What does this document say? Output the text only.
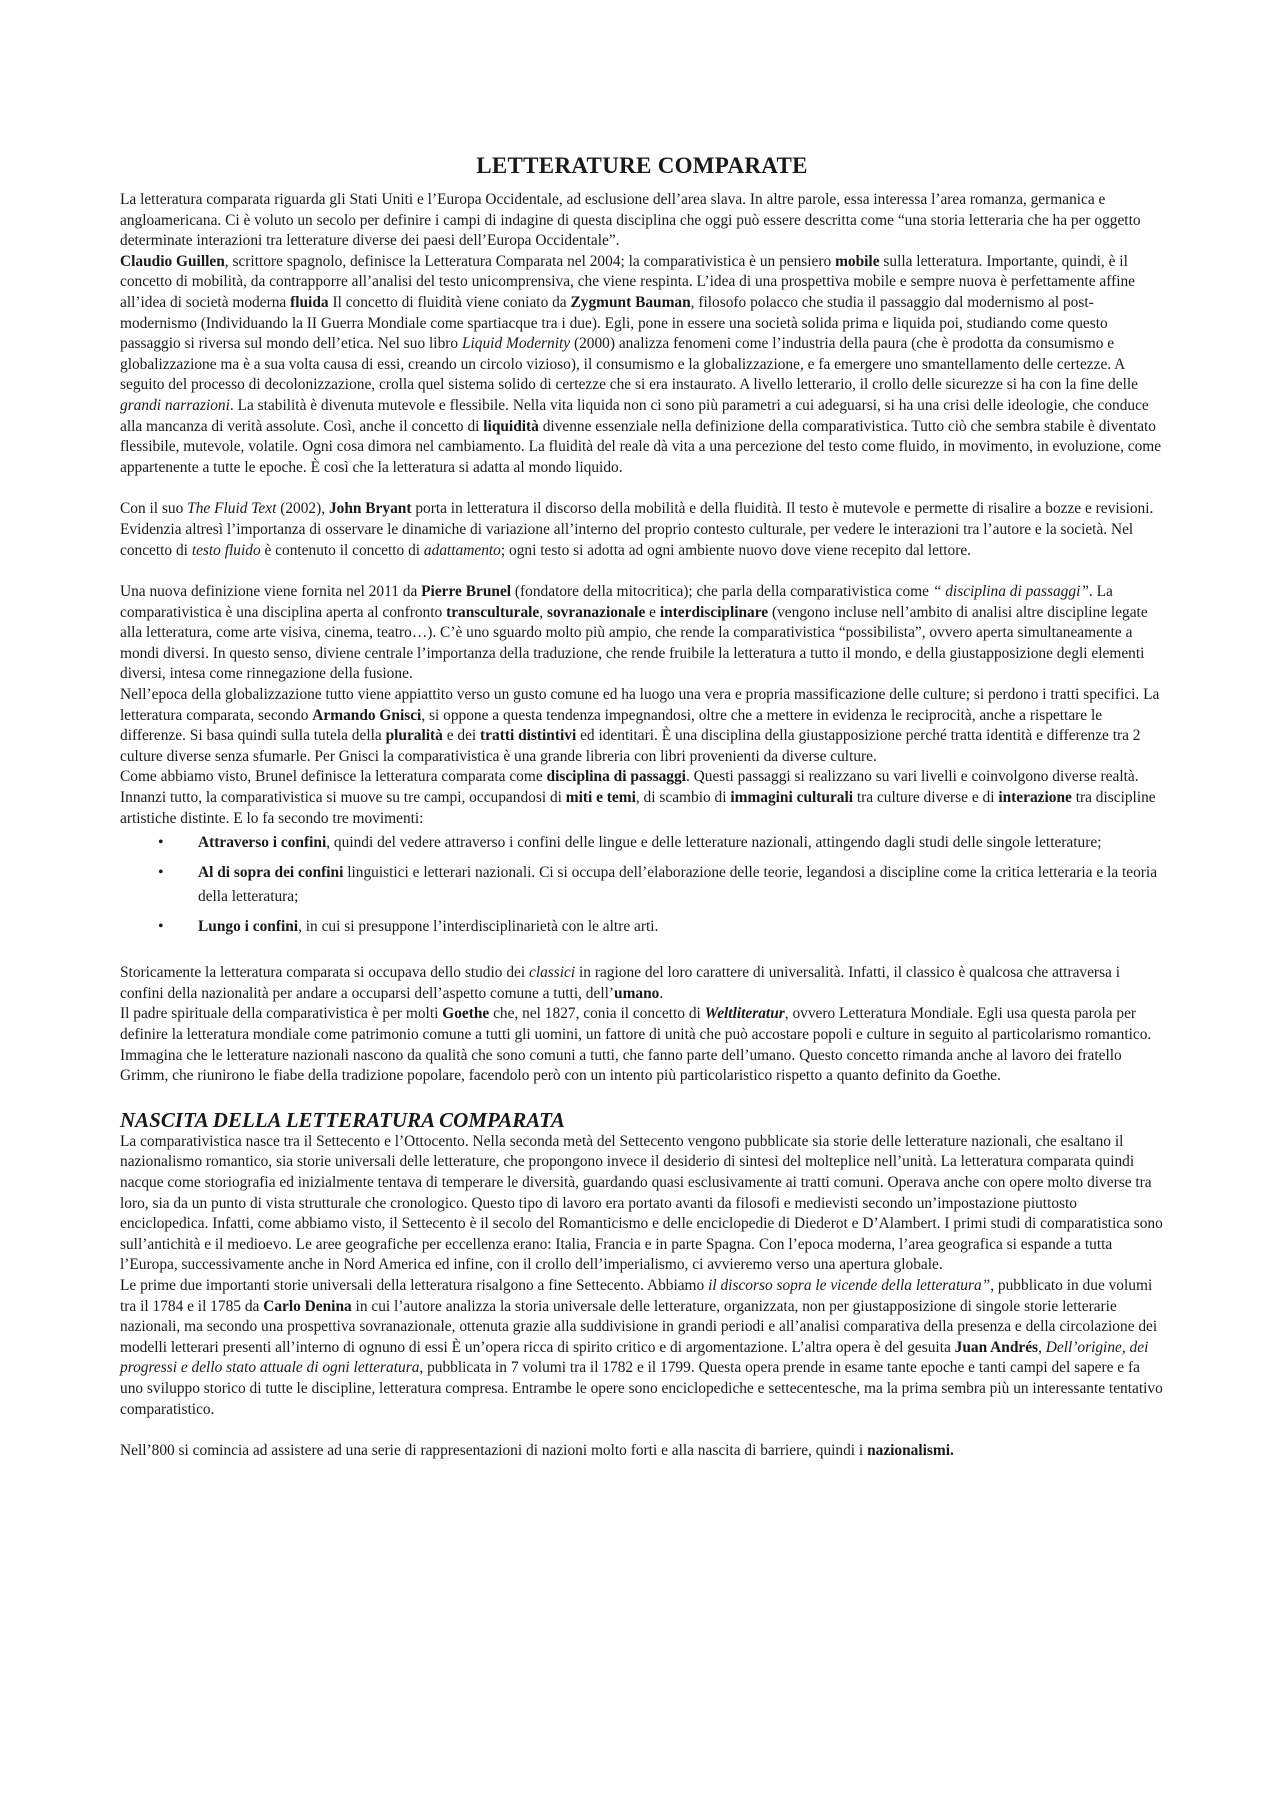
LETTERATURE COMPARATE

La letteratura comparata riguarda gli Stati Uniti e l’Europa Occidentale, ad esclusione dell’area slava. In altre parole, essa interessa l’area romanza, germanica e angloamericana. Ci è voluto un secolo per definire i campi di indagine di questa disciplina che oggi può essere descritta come “una storia letteraria che ha per oggetto determinate interazioni tra letterature diverse dei paesi dell’Europa Occidentale”.

Claudio Guillen, scrittore spagnolo, definisce la Letteratura Comparata nel 2004; la comparativistica è un pensiero mobile sulla letteratura. Importante, quindi, è il concetto di mobilità, da contrapporre all’analisi del testo unicomprensiva, che viene respinta. L’idea di una prospettiva mobile e sempre nuova è perfettamente affine all’idea di società moderna fluida Il concetto di fluidità viene coniato da Zygmunt Bauman, filosofo polacco che studia il passaggio dal modernismo al post-modernismo (Individuando la II Guerra Mondiale come spartiacque tra i due). Egli, pone in essere una società solida prima e liquida poi, studiando come questo passaggio si riversa sul mondo dell’etica. Nel suo libro Liquid Modernity (2000) analizza fenomeni come l’industria della paura (che è prodotta da consumismo e globalizzazione ma è a sua volta causa di essi, creando un circolo vizioso), il consumismo e la globalizzazione, e fa emergere uno smantellamento delle certezze. A seguito del processo di decolonizzazione, crolla quel sistema solido di certezze che si era instaurato. A livello letterario, il crollo delle sicurezze si ha con la fine delle grandi narrazioni. La stabilità è divenuta mutevole e flessibile. Nella vita liquida non ci sono più parametri a cui adeguarsi, si ha una crisi delle ideologie, che conduce alla mancanza di verità assolute. Così, anche il concetto di liquidità divenne essenziale nella definizione della comparativistica. Tutto ciò che sembra stabile è diventato flessibile, mutevole, volatile. Ogni cosa dimora nel cambiamento. La fluidità del reale dà vita a una percezione del testo come fluido, in movimento, in evoluzione, come appartenente a tutte le epoche. È così che la letteratura si adatta al mondo liquido.

Con il suo The Fluid Text (2002), John Bryant porta in letteratura il discorso della mobilità e della fluidità. Il testo è mutevole e permette di risalire a bozze e revisioni. Evidenzia altresì l’importanza di osservare le dinamiche di variazione all’interno del proprio contesto culturale, per vedere le interazioni tra l’autore e la società. Nel concetto di testo fluido è contenuto il concetto di adattamento; ogni testo si adotta ad ogni ambiente nuovo dove viene recepito dal lettore.

Una nuova definizione viene fornita nel 2011 da Pierre Brunel (fondatore della mitocritica); che parla della comparativistica come “ disciplina di passaggi”. La comparativistica è una disciplina aperta al confronto transculturale, sovranazionale e interdisciplinare (vengono incluse nell’ambito di analisi altre discipline legate alla letteratura, come arte visiva, cinema, teatro…). C’è uno sguardo molto più ampio, che rende la comparativistica “possibilista”, ovvero aperta simultaneamente a mondi diversi. In questo senso, diviene centrale l’importanza della traduzione, che rende fruibile la letteratura a tutto il mondo, e della giustapposizione degli elementi diversi, intesa come rinnegazione della fusione.

Nell’epoca della globalizzazione tutto viene appiattito verso un gusto comune ed ha luogo una vera e propria massificazione delle culture; si perdono i tratti specifici. La letteratura comparata, secondo Armando Gnisci, si oppone a questa tendenza impegnandosi, oltre che a mettere in evidenza le reciprocità, anche a rispettare le differenze. Si basa quindi sulla tutela della pluralità e dei tratti distintivi ed identitari. È una disciplina della giustapposizione perché tratta identità e differenze tra 2 culture diverse senza sfumarle. Per Gnisci la comparativistica è una grande libreria con libri provenienti da diverse culture.

Come abbiamo visto, Brunel definisce la letteratura comparata come disciplina di passaggi. Questi passaggi si realizzano su vari livelli e coinvolgono diverse realtà. Innanzi tutto, la comparativistica si muove su tre campi, occupandosi di miti e temi, di scambio di immagini culturali tra culture diverse e di interazione tra discipline artistiche distinte. E lo fa secondo tre movimenti:

• Attraverso i confini, quindi del vedere attraverso i confini delle lingue e delle letterature nazionali, attingendo dagli studi delle singole letterature;
• Al di sopra dei confini linguistici e letterari nazionali. Ci si occupa dell’elaborazione delle teorie, legandosi a discipline come la critica letteraria e la teoria della letteratura;
• Lungo i confini, in cui si presuppone l’interdisciplinarietà con le altre arti.

Storicamente la letteratura comparata si occupava dello studio dei classici in ragione del loro carattere di universalità. Infatti, il classico è qualcosa che attraversa i confini della nazionalità per andare a occuparsi dell’aspetto comune a tutti, dell’umano.

Il padre spirituale della comparativistica è per molti Goethe che, nel 1827, conia il concetto di Weltliteratur, ovvero Letteratura Mondiale. Egli usa questa parola per definire la letteratura mondiale come patrimonio comune a tutti gli uomini, un fattore di unità che può accostare popoli e culture in seguito al particolarismo romantico. Immagina che le letterature nazionali nascono da qualità che sono comuni a tutti, che fanno parte dell’umano. Questo concetto rimanda anche al lavoro dei fratello Grimm, che riunirono le fiabe della tradizione popolare, facendolo però con un intento più particolaristico rispetto a quanto definito da Goethe.

NASCITA DELLA LETTERATURA COMPARATA

La comparativistica nasce tra il Settecento e l’Ottocento. Nella seconda metà del Settecento vengono pubblicate sia storie delle letterature nazionali, che esaltano il nazionalismo romantico, sia storie universali delle letterature, che propongono invece il desiderio di sintesi del molteplice nell’unità. La letteratura comparata quindi nacque come storiografia ed inizialmente tentava di temperare le diversità, guardando quasi esclusivamente ai tratti comuni. Operava anche con opere molto diverse tra loro, sia da un punto di vista strutturale che cronologico. Questo tipo di lavoro era portato avanti da filosofi e medievisti secondo un’impostazione piuttosto enciclopedica. Infatti, come abbiamo visto, il Settecento è il secolo del Romanticismo e delle enciclopedie di Diederot e D’Alambert. I primi studi di comparatistica sono sull’antichità e il medioevo. Le aree geografiche per eccellenza erano: Italia, Francia e in parte Spagna. Con l’epoca moderna, l’area geografica si espande a tutta l’Europa, successivamente anche in Nord America ed infine, con il crollo dell’imperialismo, ci avvieremo verso una apertura globale.

Le prime due importanti storie universali della letteratura risalgono a fine Settecento. Abbiamo il discorso sopra le vicende della letteratura”, pubblicato in due volumi tra il 1784 e il 1785 da Carlo Denina in cui l’autore analizza la storia universale delle letterature, organizzata, non per giustapposizione di singole storie letterarie nazionali, ma secondo una prospettiva sovranazionale, ottenuta grazie alla suddivisione in grandi periodi e all’analisi comparativa della presenza e della circolazione dei modelli letterari presenti all’interno di ognuno di essi È un’opera ricca di spirito critico e di argomentazione. L’altra opera è del gesuita Juan Andrés, Dell’origine, dei progressi e dello stato attuale di ogni letteratura, pubblicata in 7 volumi tra il 1782 e il 1799. Questa opera prende in esame tante epoche e tanti campi del sapere e fa uno sviluppo storico di tutte le discipline, letteratura compresa. Entrambe le opere sono enciclopediche e settecentesche, ma la prima sembra più un interessante tentativo comparatistico.

Nell’800 si comincia ad assistere ad una serie di rappresentazioni di nazioni molto forti e alla nascita di barriere, quindi i nazionalismi.
